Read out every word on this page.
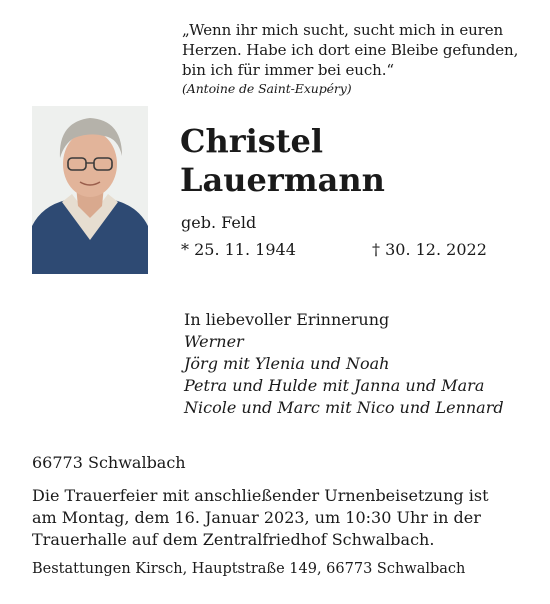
„Wenn ihr mich sucht, sucht mich in euren
Herzen. Habe ich dort eine Bleibe gefunden,
bin ich für immer bei euch.“
(Antoine de Saint-Exupéry)
Christel
Lauermann
geb. Feld
* 25. 11. 1944	† 30. 12. 2022
In liebevoller Erinnerung
Werner
Jörg mit Ylenia und Noah
Petra und Hulde mit Janna und Mara
Nicole und Marc mit Nico und Lennard
66773 Schwalbach
Die Trauerfeier mit anschließender Urnenbeisetzung ist
am Montag, dem 16. Januar 2023, um 10:30 Uhr in der
Trauerhalle auf dem Zentralfriedhof Schwalbach.
Bestattungen Kirsch, Hauptstraße 149, 66773 Schwalbach
